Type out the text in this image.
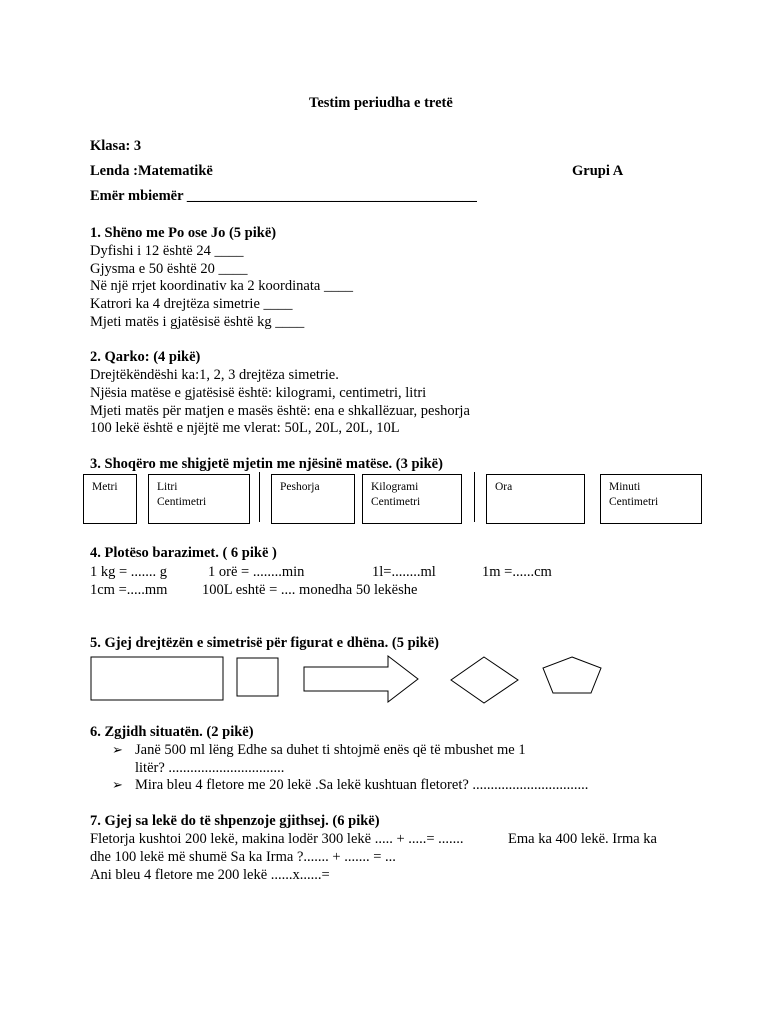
Testim periudha e tretë
Klasa: 3
Lenda :Matematikë	Grupi A
Emër mbiemër ________________________________________
1. Shëno me Po ose Jo (5 pikë)
Dyfishi i 12 është 24 ____
Gjysma e 50 është 20 ____
Në një rrjet koordinativ ka 2 koordinata ____
Katrori ka 4 drejtëza simetrie ____
Mjeti matës i gjatësisë është kg ____
2. Qarko: (4 pikë)
Drejtëkëndëshi ka:1, 2, 3 drejtëza simetrie.
Njësia matëse e gjatësisë është: kilogrami, centimetri, litri
Mjeti matës për matjen e masës është: ena e shkallëzuar, peshorja
100 lekë është e njëjtë me vlerat: 50L, 20L, 20L, 10L
3. Shoqëro me shigjetë mjetin me njësinë matëse. (3 pikë)
Metri	Litri
Centimetri
Peshorja	Kilogrami
Centimetri
Ora	Minuti
Centimetri
4. Plotëso barazimet. ( 6 pikë )
1 kg = ....... g	1 orë = ........min	1l=........ml	1m =......cm
1cm =.....mm 100L eshtë = .... monedha 50 lekëshe
5. Gjej drejtëzën e simetrisë për figurat e dhëna. (5 pikë)
6. Zgjidh situatën. (2 pikë)
➢ Janë 500 ml lëng Edhe sa duhet ti shtojmë enës që të mbushet me 1
litër? ................................
➢ Mira bleu 4 fletore me 20 lekë .Sa lekë kushtuan fletoret? ................................
7. Gjej sa lekë do të shpenzoje gjithsej. (6 pikë)
Fletorja kushtoi 200 lekë, makina lodër 300 lekë ..... + .....= .......	Ema ka 400 lekë. Irma ka
dhe 100 lekë më shumë Sa ka Irma ?....... + ....... = ...
Ani bleu 4 fletore me 200 lekë ......x......=
